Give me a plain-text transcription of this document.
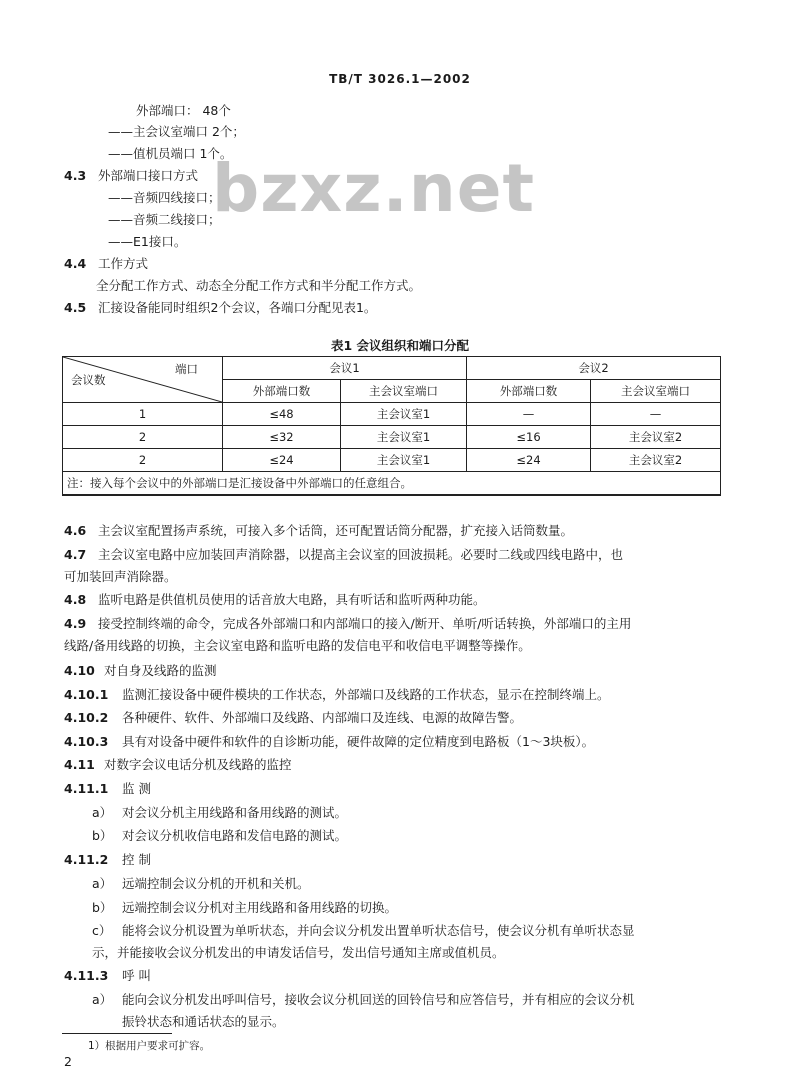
TB/T 3026.1—2002
bzxz.net
外部端口： 48个
——主会议室端口 2个；
——值机员端口 1个。
4.3 外部端口接口方式
——音频四线接口；
——音频二线接口；
——E1接口。
4.4 工作方式
全分配工作方式、动态全分配工作方式和半分配工作方式。
4.5 汇接设备能同时组织2个会议，各端口分配见表1。
表1 会议组织和端口分配
端口
会议数	会议1		会议2	
	外部端口数	主会议室端口	外部端口数	主会议室端口
1	≤48	主会议室1	—	—
2	≤32	主会议室1	≤16	主会议室2
2	≤24	主会议室1	≤24	主会议室2
注：接入每个会议中的外部端口是汇接设备中外部端口的任意组合。				
4.6 主会议室配置扬声系统，可接入多个话筒，还可配置话筒分配器，扩充接入话筒数量。
4.7 主会议室电路中应加装回声消除器，以提高主会议室的回波损耗。必要时二线或四线电路中，也
可加装回声消除器。
4.8 监听电路是供值机员使用的话音放大电路，具有听话和监听两种功能。
4.9 接受控制终端的命令，完成各外部端口和内部端口的接入/断开、单听/听话转换，外部端口的主用
线路/备用线路的切换，主会议室电路和监听电路的发信电平和收信电平调整等操作。
4.10 对自身及线路的监测
4.10.1 监测汇接设备中硬件模块的工作状态，外部端口及线路的工作状态，显示在控制终端上。
4.10.2 各种硬件、软件、外部端口及线路、内部端口及连线、电源的故障告警。
4.10.3 具有对设备中硬件和软件的自诊断功能，硬件故障的定位精度到电路板（1～3块板）。
4.11 对数字会议电话分机及线路的监控
4.11.1 监 测
a） 对会议分机主用线路和备用线路的测试。
b） 对会议分机收信电路和发信电路的测试。
4.11.2 控 制
a） 远端控制会议分机的开机和关机。
b） 远端控制会议分机对主用线路和备用线路的切换。
c） 能将会议分机设置为单听状态，并向会议分机发出置单听状态信号，使会议分机有单听状态显
示，并能接收会议分机发出的申请发话信号，发出信号通知主席或值机员。
4.11.3 呼 叫
a） 能向会议分机发出呼叫信号，接收会议分机回送的回铃信号和应答信号，并有相应的会议分机
振铃状态和通话状态的显示。
1）根据用户要求可扩容。
2
